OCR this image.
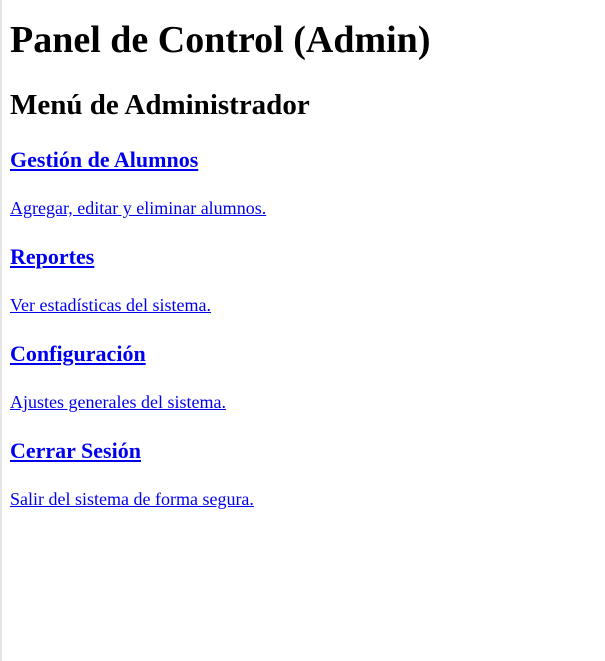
Panel de Control (Admin)
Menú de Administrador
Gestión de Alumnos
Agregar, editar y eliminar alumnos.
Reportes
Ver estadísticas del sistema.
Configuración
Ajustes generales del sistema.
Cerrar Sesión
Salir del sistema de forma segura.
